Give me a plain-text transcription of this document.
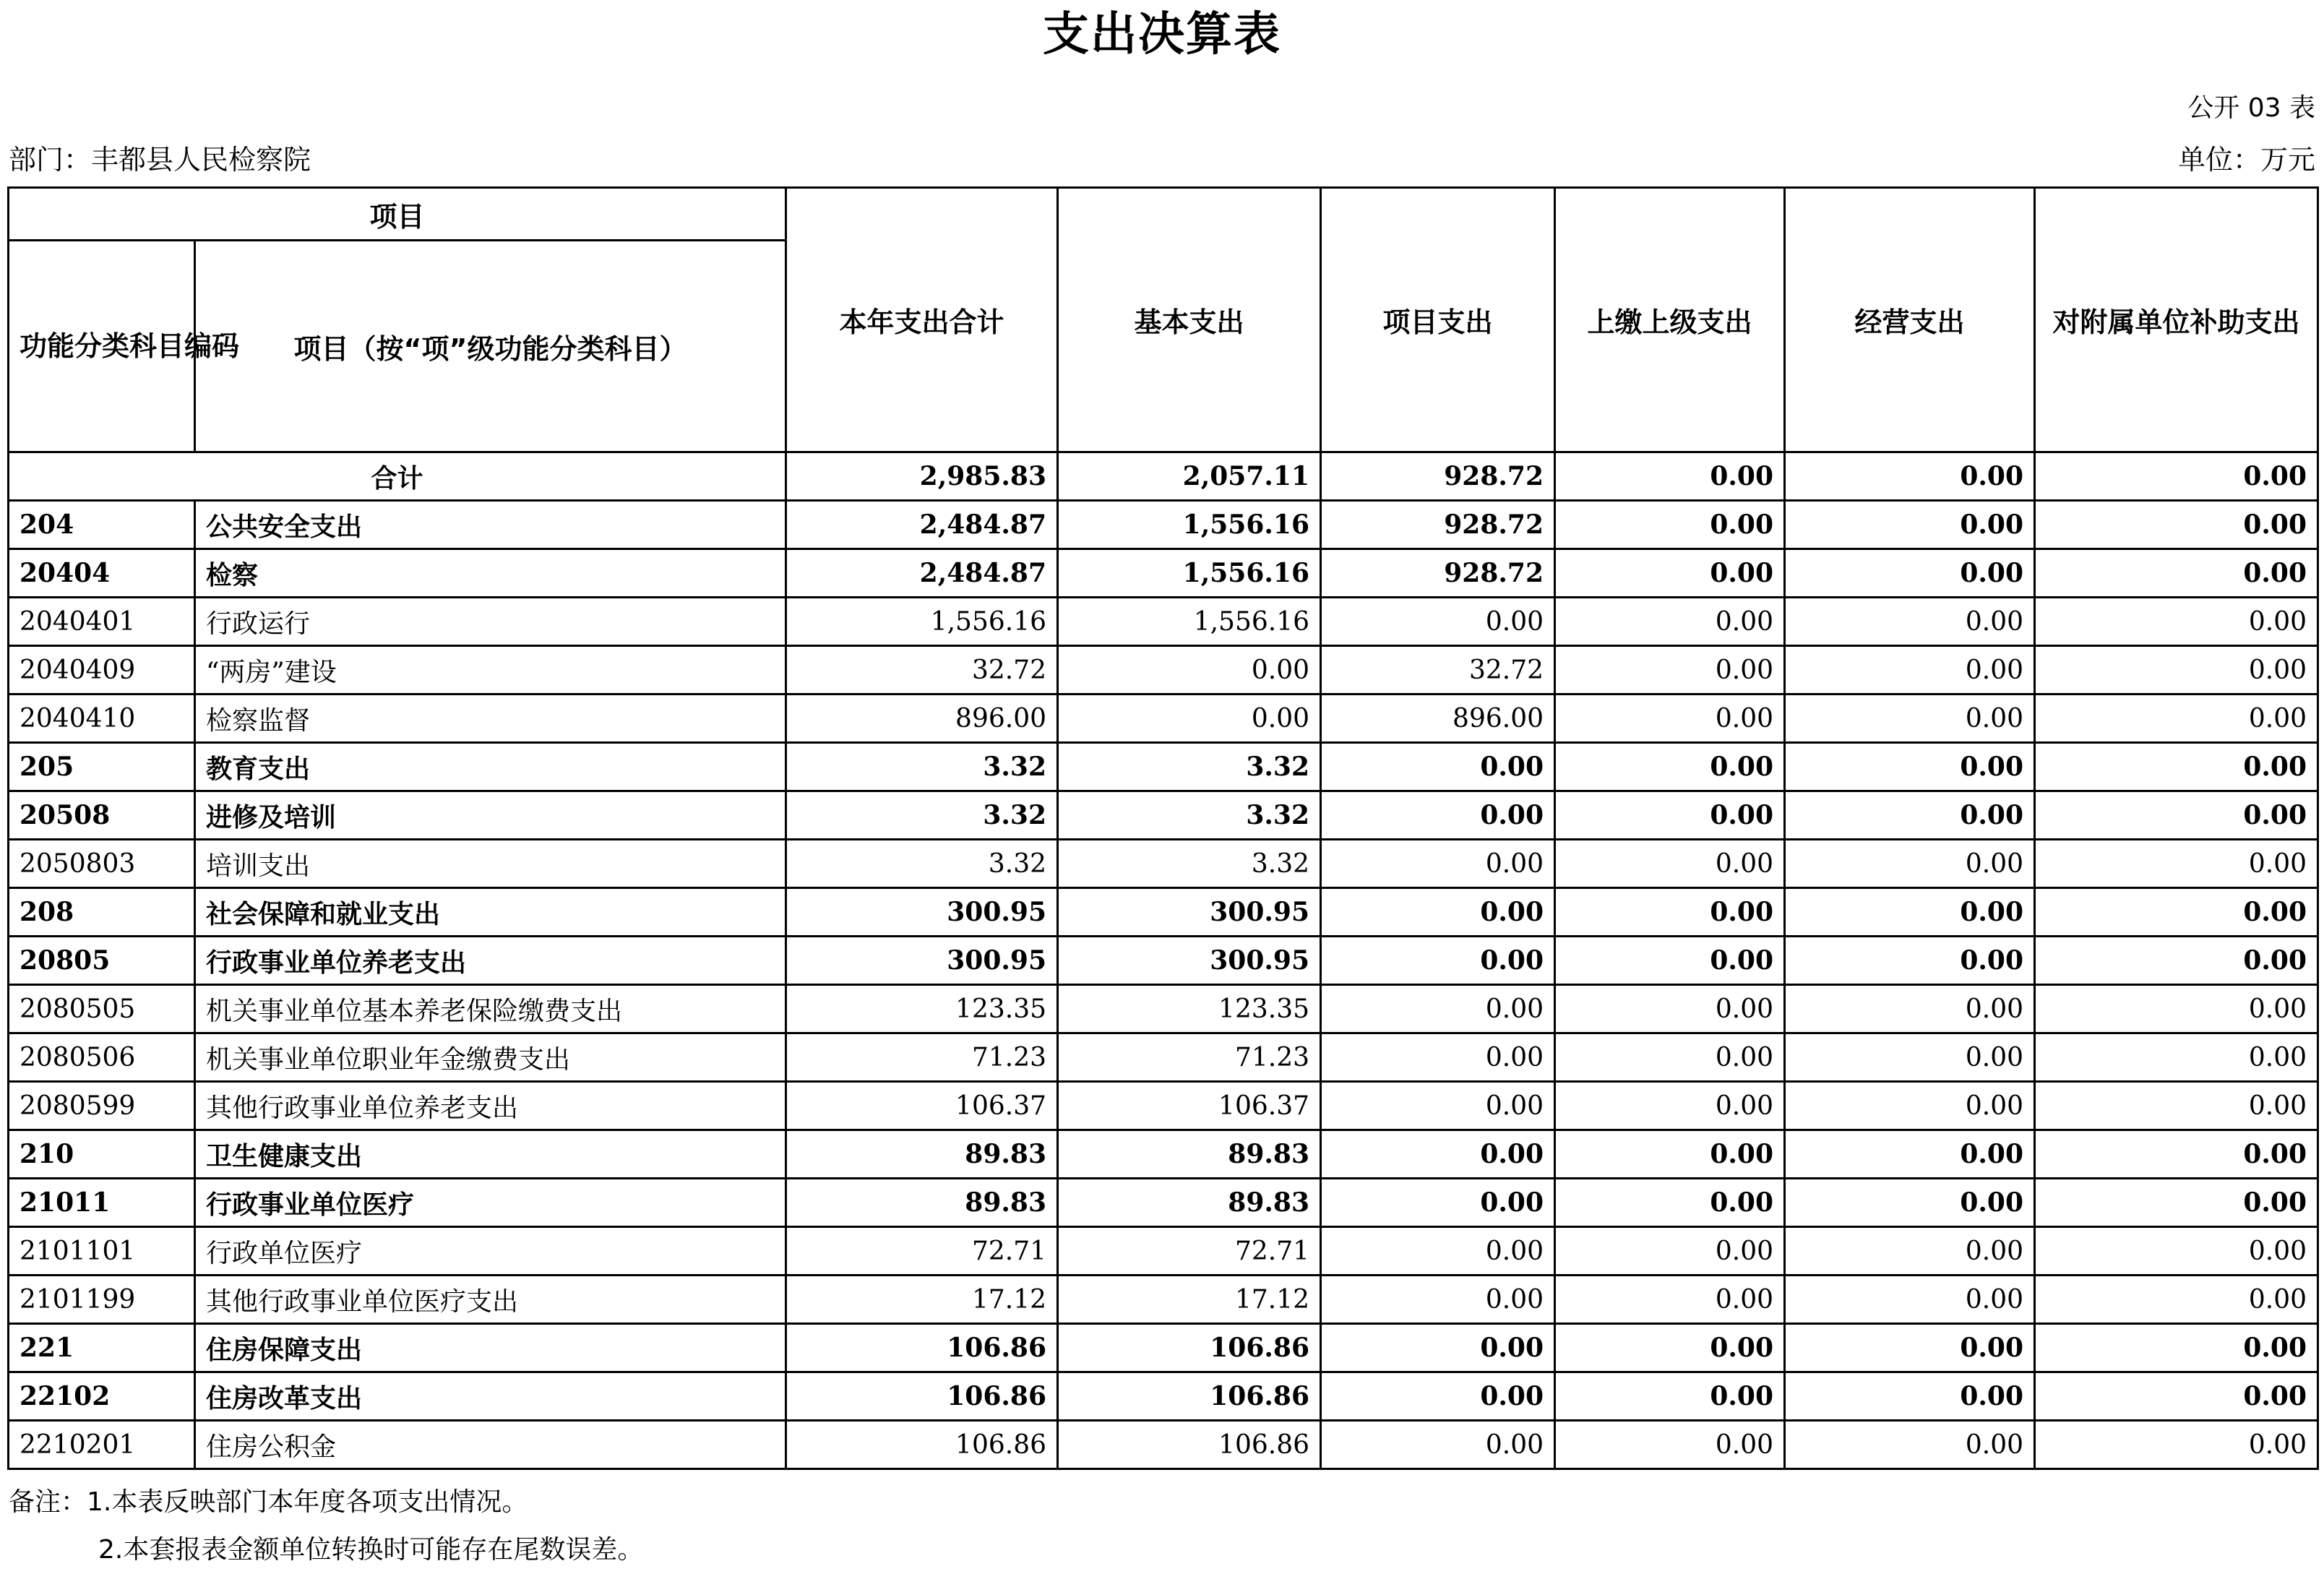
支出决算表
公开 03 表
部门：丰都县人民检察院	单位：万元
项目		本年支出合计	基本支出	项目支出	上缴上级支出	经营支出	对附属单位补助支出
功能分类科目编码	项目（按“项”级功能分类科目）						
合计		2,985.83	2,057.11	928.72	0.00	0.00	0.00
204	公共安全支出	2,484.87	1,556.16	928.72	0.00	0.00	0.00
20404	检察	2,484.87	1,556.16	928.72	0.00	0.00	0.00
2040401	行政运行	1,556.16	1,556.16	0.00	0.00	0.00	0.00
2040409	“两房”建设	32.72	0.00	32.72	0.00	0.00	0.00
2040410	检察监督	896.00	0.00	896.00	0.00	0.00	0.00
205	教育支出	3.32	3.32	0.00	0.00	0.00	0.00
20508	进修及培训	3.32	3.32	0.00	0.00	0.00	0.00
2050803	培训支出	3.32	3.32	0.00	0.00	0.00	0.00
208	社会保障和就业支出	300.95	300.95	0.00	0.00	0.00	0.00
20805	行政事业单位养老支出	300.95	300.95	0.00	0.00	0.00	0.00
2080505	机关事业单位基本养老保险缴费支出	123.35	123.35	0.00	0.00	0.00	0.00
2080506	机关事业单位职业年金缴费支出	71.23	71.23	0.00	0.00	0.00	0.00
2080599	其他行政事业单位养老支出	106.37	106.37	0.00	0.00	0.00	0.00
210	卫生健康支出	89.83	89.83	0.00	0.00	0.00	0.00
21011	行政事业单位医疗	89.83	89.83	0.00	0.00	0.00	0.00
2101101	行政单位医疗	72.71	72.71	0.00	0.00	0.00	0.00
2101199	其他行政事业单位医疗支出	17.12	17.12	0.00	0.00	0.00	0.00
221	住房保障支出	106.86	106.86	0.00	0.00	0.00	0.00
22102	住房改革支出	106.86	106.86	0.00	0.00	0.00	0.00
2210201	住房公积金	106.86	106.86	0.00	0.00	0.00	0.00
备注：1.本表反映部门本年度各项支出情况。
2.本套报表金额单位转换时可能存在尾数误差。
